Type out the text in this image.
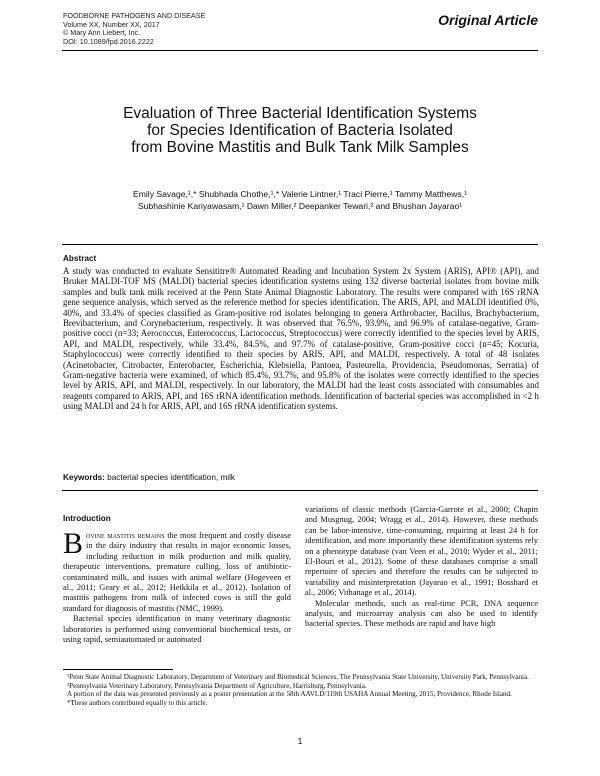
FOODBORNE PATHOGENS AND DISEASE
Volume XX, Number XX, 2017
© Mary Ann Liebert, Inc.
DOI: 10.1089/fpd.2016.2222
Original Article
Evaluation of Three Bacterial Identification Systems
for Species Identification of Bacteria Isolated
from Bovine Mastitis and Bulk Tank Milk Samples
Emily Savage,¹,* Shubhada Chothe,¹,* Valerie Lintner,¹ Traci Pierre,¹ Tammy Matthews,¹
Subhashinie Kariyawasam,¹ Dawn Miller,² Deepanker Tewari,² and Bhushan Jayarao¹
Abstract
A study was conducted to evaluate Sensititre® Automated Reading and Incubation System 2x System (ARIS), API® (API), and Bruker MALDI-TOF MS (MALDI) bacterial species identification systems using 132 diverse bacterial isolates from bovine milk samples and bulk tank milk received at the Penn State Animal Diagnostic Laboratory. The results were compared with 16S rRNA gene sequence analysis, which served as the reference method for species identification. The ARIS, API, and MALDI identified 0%, 40%, and 33.4% of species classified as Gram-positive rod isolates belonging to genera Arthrobacter, Bacillus, Brachybacterium, Brevibacterium, and Corynebacterium, respectively. It was observed that 76.5%, 93.9%, and 96.9% of catalase-negative, Gram-positive cocci (n=33; Aerococcus, Enterococcus, Lactococcus, Streptococcus) were correctly identified to the species level by ARIS, API, and MALDI, respectively, while 33.4%, 84.5%, and 97.7% of catalase-positive, Gram-positive cocci (n=45; Kocuria, Staphylococcus) were correctly identified to their species by ARIS, API, and MALDI, respectively. A total of 48 isolates (Acinetobacter, Citrobacter, Enterobacter, Escherichia, Klebsiella, Pantoea, Pasteurella, Providencia, Pseudomonas, Serratia) of Gram-negative bacteria were examined, of which 85.4%, 93.7%, and 95.8% of the isolates were correctly identified to the species level by ARIS, API, and MALDI, respectively. In our laboratory, the MALDI had the least costs associated with consumables and reagents compared to ARIS, API, and 16S rRNA identification methods. Identification of bacterial species was accomplished in <2 h using MALDI and 24 h for ARIS, API, and 16S rRNA identification systems.
Keywords: bacterial species identification, milk
Introduction

Bovine mastitis remains the most frequent and costly disease in the dairy industry that results in major economic losses, including reduction in milk production and milk quality, therapeutic interventions, premature culling, loss of antibiotic-contaminated milk, and issues with animal welfare (Hogeveen et al., 2011; Geary et al., 2012; Heikkila et al., 2012). Isolation of mastitis pathogens from milk of infected cows is still the gold standard for diagnosis of mastitis (NMC, 1999).

Bacterial species identification in many veterinary diagnostic laboratories is performed using conventional biochemical tests, or using rapid, semiautomated or automated

variations of classic methods (Garcia-Garrote et al., 2000; Chapin and Musgnug, 2004; Wragg et al., 2014). However, these methods can be labor-intensive, time-consuming, requiring at least 24 h for identification, and more importantly these identification systems rely on a phenotype database (van Veen et al., 2010; Wyder et al., 2011; El-Bouri et al., 2012). Some of these databases comprise a small repertoire of species and therefore the results can be subjected to variability and misinterpretation (Jayarao et al., 1991; Bosshard et al., 2006; Vithanage et al., 2014).

Molecular methods, such as real-time PCR, DNA sequence analysis, and microarray analysis can also be used to identify bacterial species. These methods are rapid and have high

¹Penn State Animal Diagnostic Laboratory, Department of Veterinary and Biomedical Sciences, The Pennsylvania State University, University Park, Pennsylvania.

²Pennsylvania Veterinary Laboratory, Pennsylvania Department of Agriculture, Harrisburg, Pennsylvania.

A portion of the data was presented previously as a poster presentation at the 58th AAVLD/119th USAHA Annual Meeting, 2015, Providence, Rhode Island.

*These authors contributed equally to this article.

1
